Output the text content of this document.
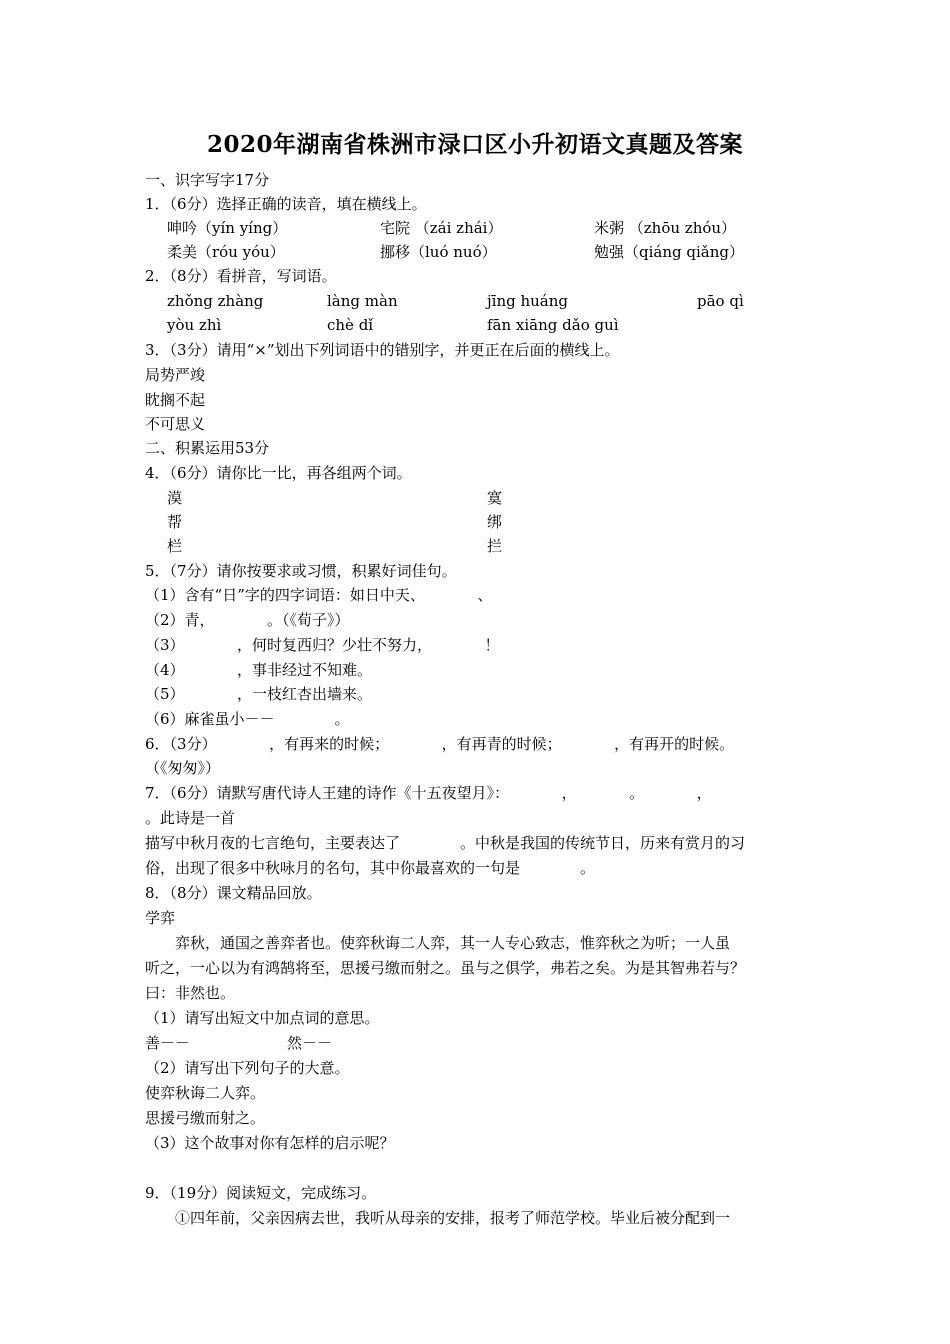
2020年湖南省株洲市渌口区小升初语文真题及答案
一、识字写字17分
1．（6分）选择正确的读音，填在横线上。
呻吟（yín yíng）	宅院 （zái zhái）	米粥 （zhōu zhóu）
柔美（róu yóu）	挪移（luó nuó）	勉强（qiáng qiǎng）
2．（8分）看拼音，写词语。
zhǒng zhàng	làng màn	jīng huáng	pāo qì
yòu zhì	chè dǐ	fān xiāng dǎo guì
3．（3分）请用“×”划出下列词语中的错别字，并更正在后面的横线上。
局势严竣
眈搁不起
不可思义
二、积累运用53分
4．（6分）请你比一比，再各组两个词。
漠	寞
帮	绑
栏	拦
5．（7分）请你按要求或习惯，积累好词佳句。
（1）含有“日”字的四字词语：如日中天、　　　　、
（2）青，　　　　。（《荀子》）
（3）　　　　，何时复西归？少壮不努力，　　　　！
（4）　　　　，事非经过不知难。
（5）　　　　，一枝红杏出墙来。
（6）麻雀虽小－－　　　　。
6．（3分）　　　　，有再来的时候；　　　　，有再青的时候；　　　　，有再开的时候。
（《匆匆》）
7．（6分）请默写唐代诗人王建的诗作《十五夜望月》：　　　　，　　　　。　　　　，
。此诗是一首
描写中秋月夜的七言绝句，主要表达了　　　　。中秋是我国的传统节日，历来有赏月的习
俗，出现了很多中秋咏月的名句，其中你最喜欢的一句是　　　　。
8．（8分）课文精品回放。
学弈
　　弈秋，通国之善弈者也。使弈秋诲二人弈，其一人专心致志，惟弈秋之为听；一人虽
听之，一心以为有鸿鹄将至，思援弓缴而射之。虽与之俱学，弗若之矣。为是其智弗若与？
曰：非然也。
（1）请写出短文中加点词的意思。
善－－	然－－
（2）请写出下列句子的大意。
使弈秋诲二人弈。
思援弓缴而射之。
（3）这个故事对你有怎样的启示呢？
9．（19分）阅读短文，完成练习。
　　①四年前，父亲因病去世，我听从母亲的安排，报考了师范学校。毕业后被分配到一
